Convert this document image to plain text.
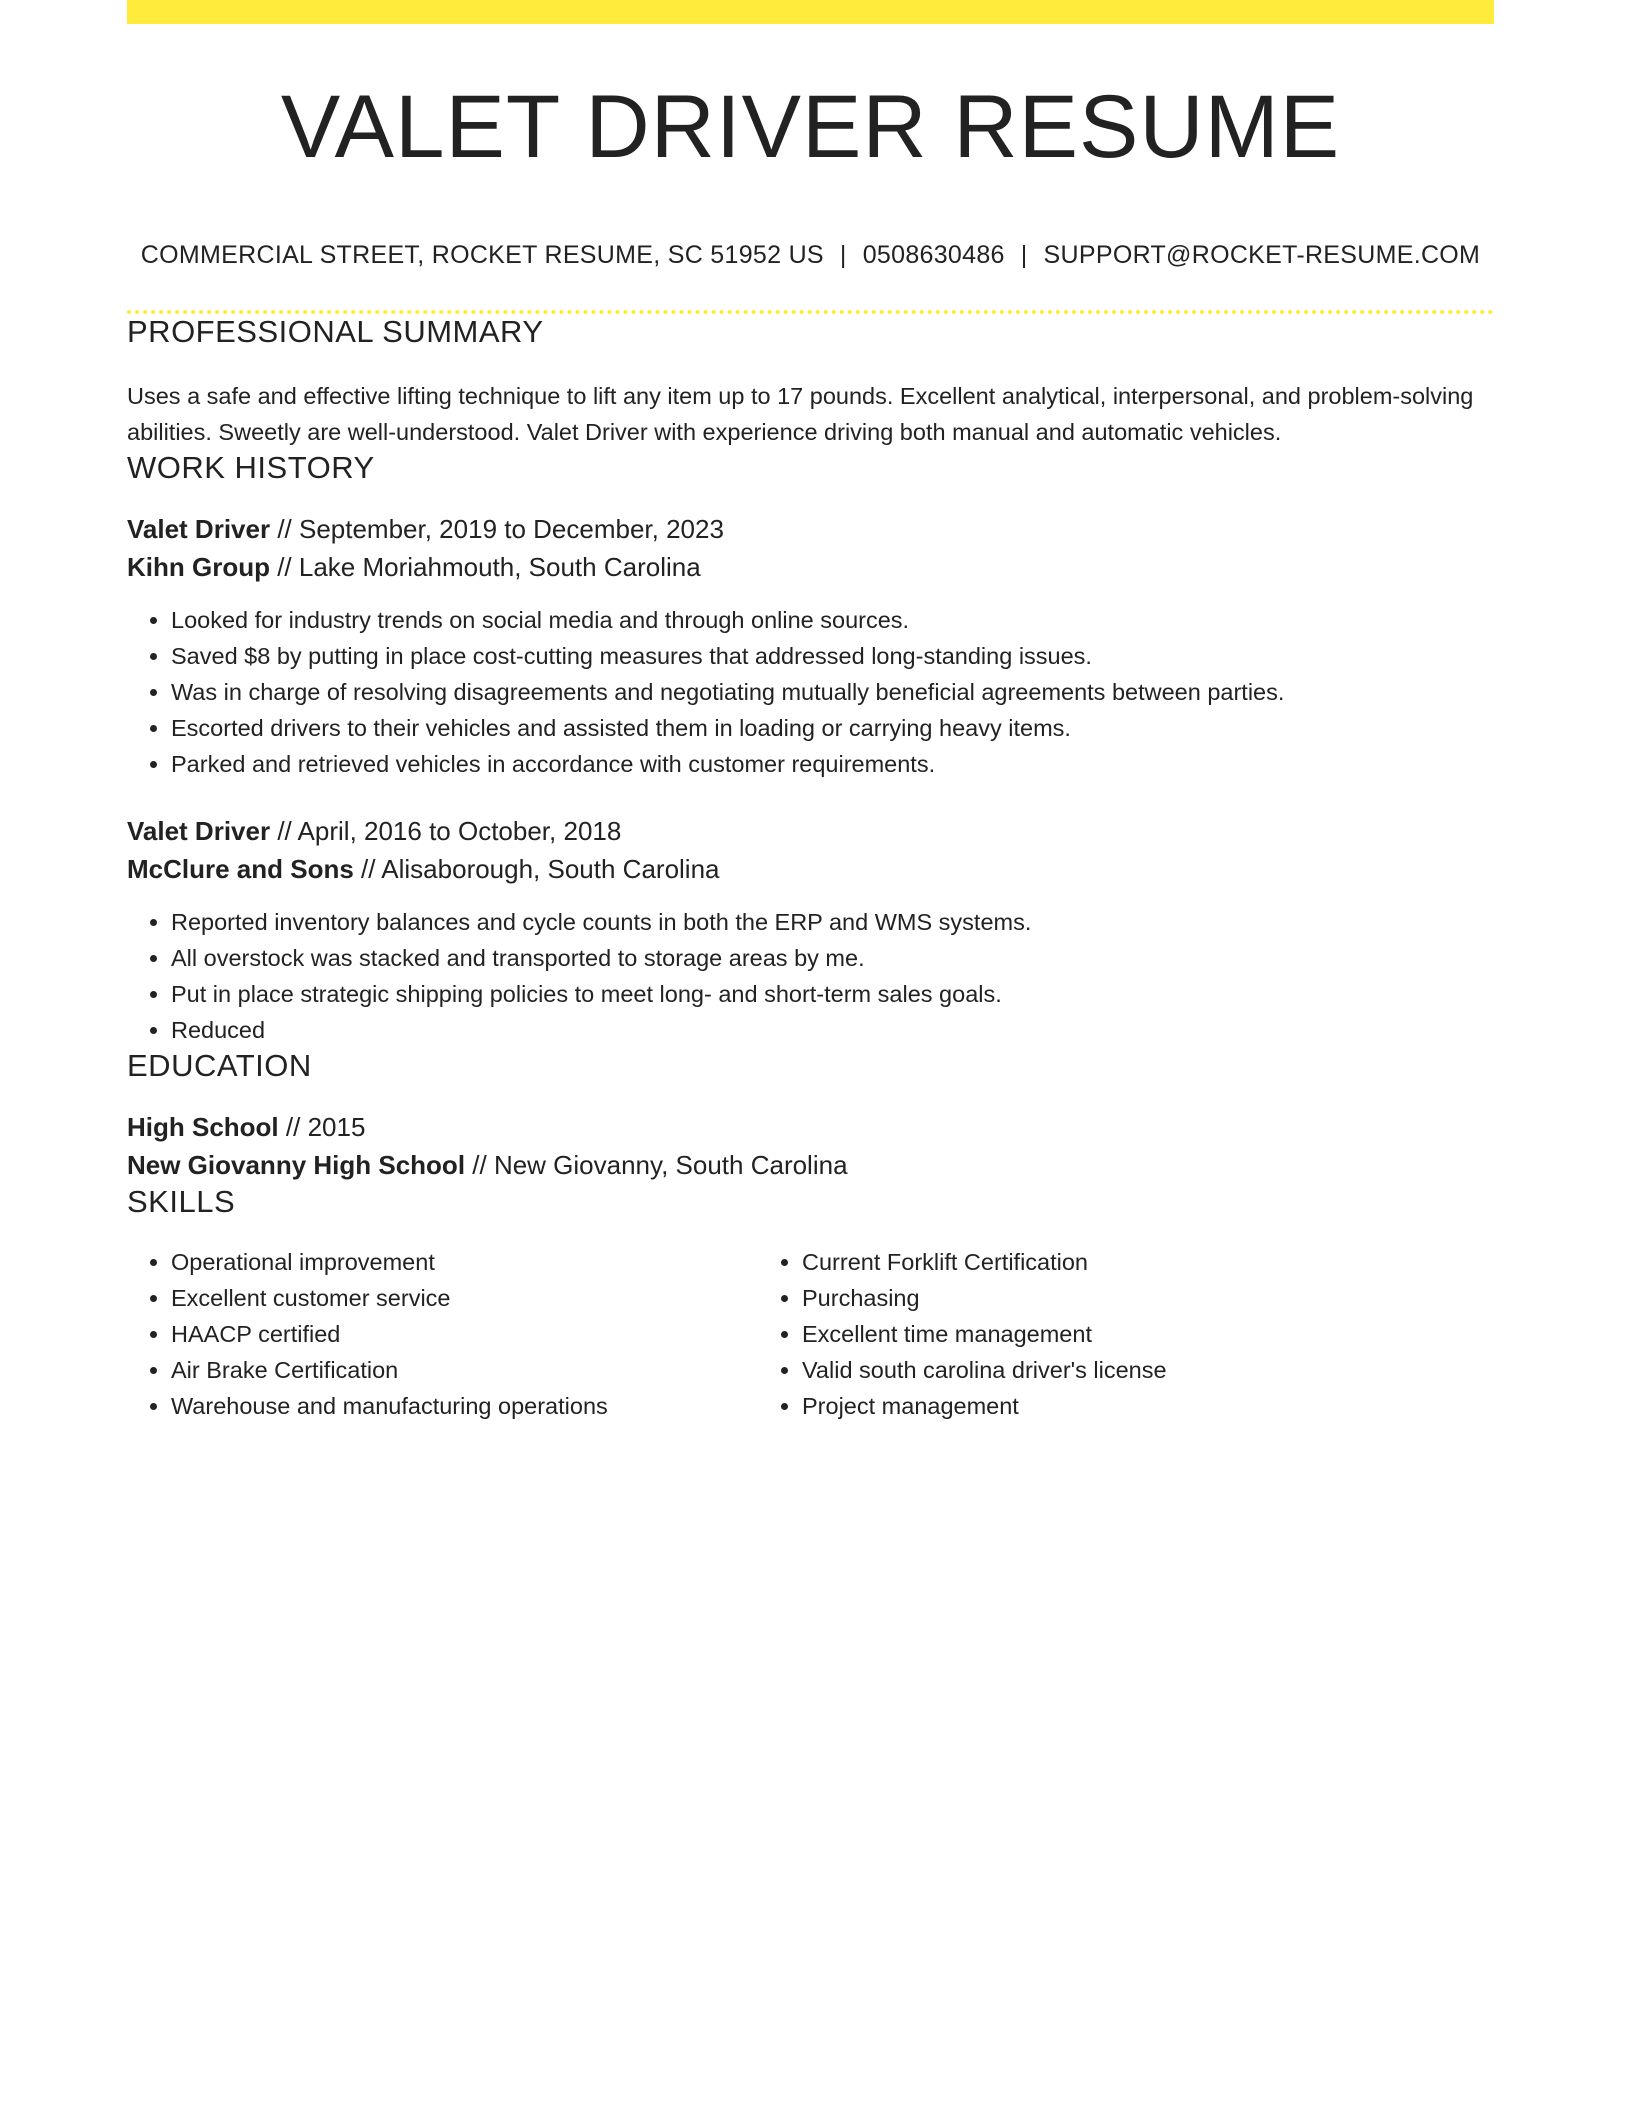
VALET DRIVER RESUME
COMMERCIAL STREET, ROCKET RESUME, SC 51952 US | 0508630486 | SUPPORT@ROCKET-RESUME.COM
PROFESSIONAL SUMMARY
Uses a safe and effective lifting technique to lift any item up to 17 pounds. Excellent analytical, interpersonal, and problem-solving abilities. Sweetly are well-understood. Valet Driver with experience driving both manual and automatic vehicles.
WORK HISTORY
Valet Driver // September, 2019 to December, 2023
Kihn Group // Lake Moriahmouth, South Carolina
• Looked for industry trends on social media and through online sources.
• Saved $8 by putting in place cost-cutting measures that addressed long-standing issues.
• Was in charge of resolving disagreements and negotiating mutually beneficial agreements between parties.
• Escorted drivers to their vehicles and assisted them in loading or carrying heavy items.
• Parked and retrieved vehicles in accordance with customer requirements.
Valet Driver // April, 2016 to October, 2018
McClure and Sons // Alisaborough, South Carolina
• Reported inventory balances and cycle counts in both the ERP and WMS systems.
• All overstock was stacked and transported to storage areas by me.
• Put in place strategic shipping policies to meet long- and short-term sales goals.
• Reduced
EDUCATION
High School // 2015
New Giovanny High School // New Giovanny, South Carolina
SKILLS
• Operational improvement
• Excellent customer service
• HAACP certified
• Air Brake Certification
• Warehouse and manufacturing operations
• Current Forklift Certification
• Purchasing
• Excellent time management
• Valid south carolina driver's license
• Project management
